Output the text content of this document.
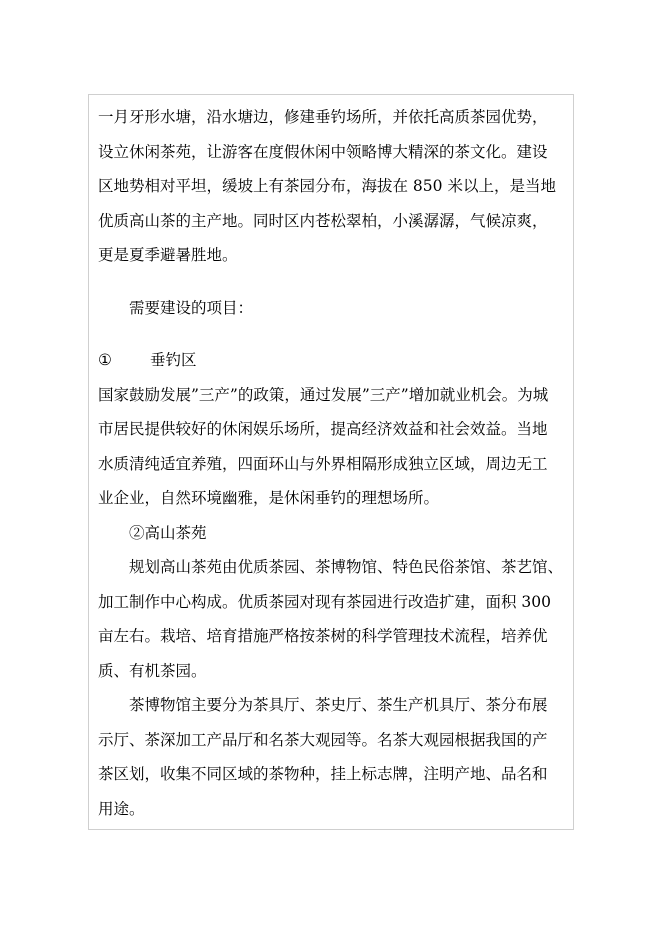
一月牙形水塘，沿水塘边，修建垂钓场所，并依托高质茶园优势，

设立休闲茶苑，让游客在度假休闲中领略博大精深的茶文化。建设

区地势相对平坦，缓坡上有茶园分布，海拔在 850 米以上，是当地

优质高山茶的主产地。同时区内苍松翠柏，小溪潺潺，气候凉爽，

更是夏季避暑胜地。

需要建设的项目：

①	垂钓区

国家鼓励发展”三产”的政策，通过发展”三产”增加就业机会。为城

市居民提供较好的休闲娱乐场所，提高经济效益和社会效益。当地

水质清纯适宜养殖，四面环山与外界相隔形成独立区域，周边无工

业企业，自然环境幽雅，是休闲垂钓的理想场所。

②高山茶苑

规划高山茶苑由优质茶园、茶博物馆、特色民俗茶馆、茶艺馆、

加工制作中心构成。优质茶园对现有茶园进行改造扩建，面积 300

亩左右。栽培、培育措施严格按茶树的科学管理技术流程，培养优

质、有机茶园。

茶博物馆主要分为茶具厅、茶史厅、茶生产机具厅、茶分布展

示厅、茶深加工产品厅和名茶大观园等。名茶大观园根据我国的产

茶区划，收集不同区域的茶物种，挂上标志牌，注明产地、品名和

用途。
